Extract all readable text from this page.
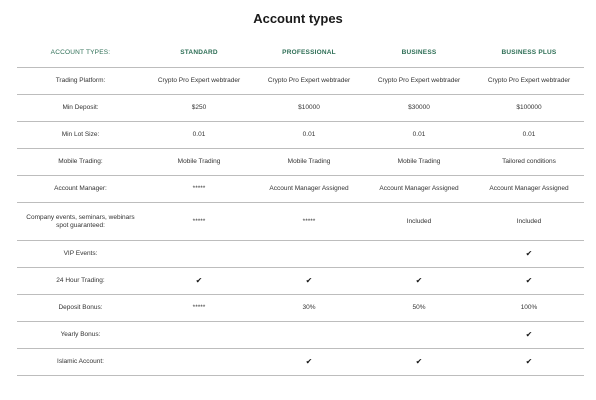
Account types
ACCOUNT TYPES:	STANDARD	PROFESSIONAL	BUSINESS	BUSINESS PLUS
Trading Platform:	Crypto Pro Expert webtrader	Crypto Pro Expert webtrader	Crypto Pro Expert webtrader	Crypto Pro Expert webtrader
Min Deposit:	$250	$10000	$30000	$100000
Min Lot Size:	0.01	0.01	0.01	0.01
Mobile Trading:	Mobile Trading	Mobile Trading	Mobile Trading	Tailored conditions
Account Manager:	*****	Account Manager Assigned	Account Manager Assigned	Account Manager Assigned
Company events, seminars, webinars spot guaranteed:	*****	*****	Included	Included
VIP Events:				✔
24 Hour Trading:	✔	✔	✔	✔
Deposit Bonus:	*****	30%	50%	100%
Yearly Bonus:				✔
Islamic Account:		✔	✔	✔
